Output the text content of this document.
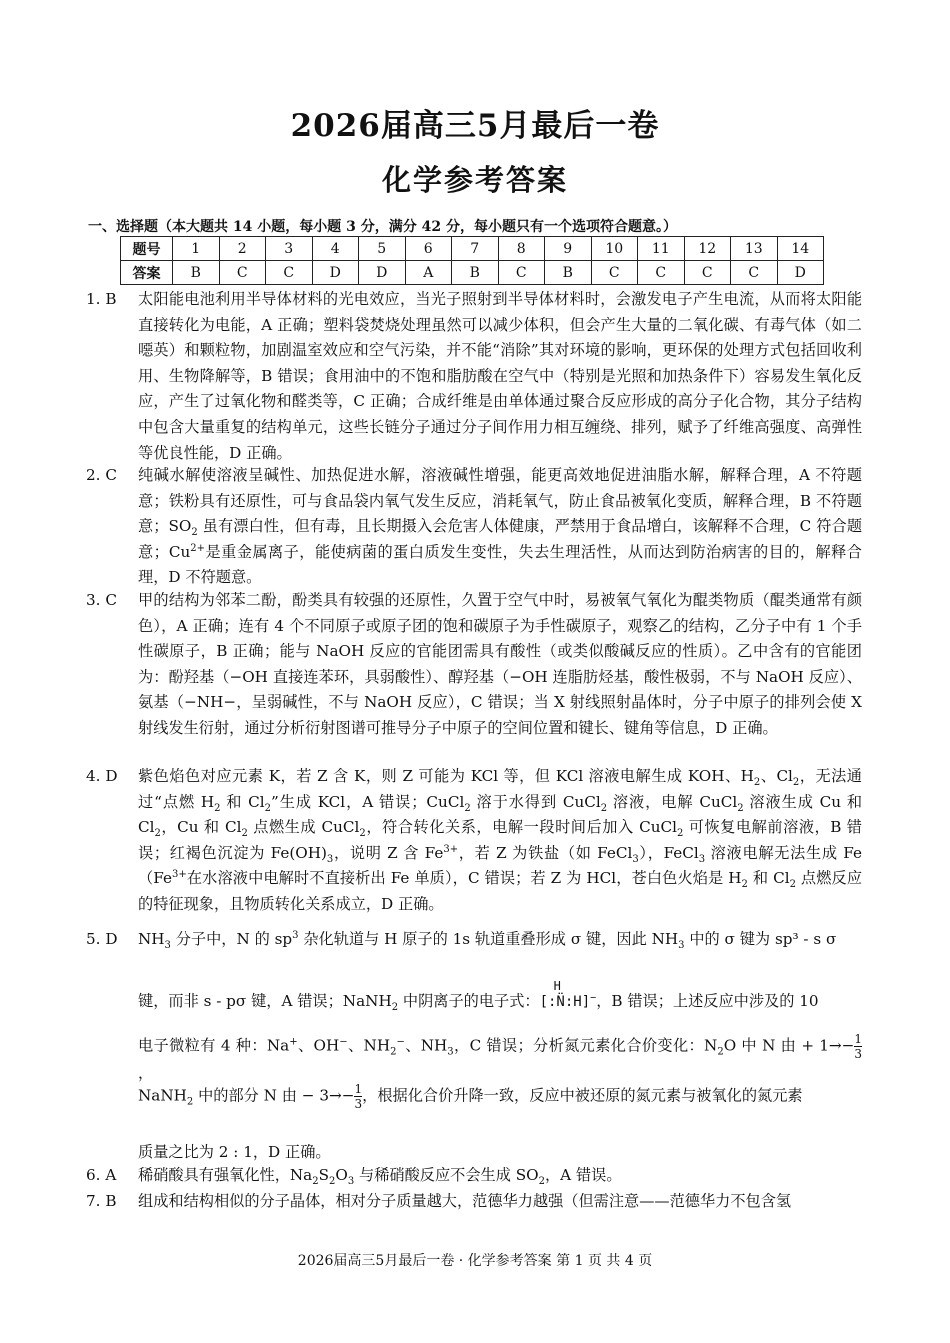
2026届高三5月最后一卷
化学参考答案
一、选择题（本大题共 14 小题，每小题 3 分，满分 42 分，每小题只有一个选项符合题意。）
题号	1	2	3	4	5	6	7	8	9	10	11	12	13	14
答案	B	C	C	D	D	A	B	C	B	C	C	C	C	D
1. B	太阳能电池利用半导体材料的光电效应，当光子照射到半导体材料时，会激发电子产生电流，从而将太阳能直接转化为电能，A 正确；塑料袋焚烧处理虽然可以减少体积，但会产生大量的二氧化碳、有毒气体（如二噁英）和颗粒物，加剧温室效应和空气污染，并不能“消除”其对环境的影响，更环保的处理方式包括回收利用、生物降解等，B 错误；食用油中的不饱和脂肪酸在空气中（特别是光照和加热条件下）容易发生氧化反应，产生了过氧化物和醛类等，C 正确；合成纤维是由单体通过聚合反应形成的高分子化合物，其分子结构中包含大量重复的结构单元，这些长链分子通过分子间作用力相互缠绕、排列，赋予了纤维高强度、高弹性等优良性能，D 正确。
2. C	纯碱水解使溶液呈碱性、加热促进水解，溶液碱性增强，能更高效地促进油脂水解，解释合理，A 不符题意；铁粉具有还原性，可与食品袋内氧气发生反应，消耗氧气，防止食品被氧化变质，解释合理，B 不符题意；$SO_2$ 虽有漂白性，但有毒，且长期摄入会危害人体健康，严禁用于食品增白，该解释不合理，C 符合题意；$Cu^{2+}$是重金属离子，能使病菌的蛋白质发生变性，失去生理活性，从而达到防治病害的目的，解释合理，D 不符题意。
3. C	甲的结构为邻苯二酚，酚类具有较强的还原性，久置于空气中时，易被氧气氧化为醌类物质（醌类通常有颜色），A 正确；连有 4 个不同原子或原子团的饱和碳原子为手性碳原子，观察乙的结构，乙分子中有 1 个手性碳原子，B 正确；能与 NaOH 反应的官能团需具有酸性（或类似酸碱反应的性质）。乙中含有的官能团为：酚羟基（−OH 直接连苯环，具弱酸性）、醇羟基（−OH 连脂肪烃基，酸性极弱，不与 NaOH 反应）、氨基（−NH−，呈弱碱性，不与 NaOH 反应），C 错误；当 X 射线照射晶体时，分子中原子的排列会使 X 射线发生衍射，通过分析衍射图谱可推导分子中原子的空间位置和键长、键角等信息，D 正确。
4. D	紫色焰色对应元素 K，若 Z 含 K，则 Z 可能为 KCl 等，但 KCl 溶液电解生成 KOH、$H_2$、$Cl_2$，无法通过“点燃 $H_2$ 和 $Cl_2$”生成 KCl，A 错误；CuCl$_2$ 溶于水得到 CuCl$_2$ 溶液，电解 CuCl$_2$ 溶液生成 Cu 和 $Cl_2$，Cu 和 $Cl_2$ 点燃生成 CuCl$_2$，符合转化关系，电解一段时间后加入 CuCl$_2$ 可恢复电解前溶液，B 错误；红褐色沉淀为 $Fe(OH)_3$，说明 Z 含 $Fe^{3+}$，若 Z 为铁盐（如 FeCl$_3$），FeCl$_3$ 溶液电解无法生成 $Fe(Fe^{3+}$在水溶液中电解时不直接析出 Fe 单质），C 错误；若 Z 为 HCl，苍白色火焰是 $H_2$ 和 $Cl_2$ 点燃反应的特征现象，且物质转化关系成立，D 正确。
5. D	$NH_3$ 分子中，N 的 $sp^3$ 杂化轨道与 H 原子的 1s 轨道重叠形成 σ 键，因此 $NH_3$ 中的 σ 键为 sp³ - s σ
键，而非 s - pσ 键，A 错误；NaNH$_2$ 中阴离子的电子式：
H
[:N̈:H]−，B 错误；上述反应中涉及的 10
电子微粒有 4 种：Na+、OH−、$NH_2^-$、$NH_3$，C 错误；分析氮元素化合价变化：$N_2O$ 中 N 由 + $1\to- \frac{1}{3}$
，
NaNH$_2$ 中的部分 N 由 − $3\to- \frac{1}{3}$ ，根据化合价升降一致，反应中被还原的氮元素与被氧化的氮元素
质量之比为 2 : 1，D 正确。
6. A	稀硝酸具有强氧化性，$Na_2S_2O_3$ 与稀硝酸反应不会生成 $SO_2$，A 错误。
7. B	组成和结构相似的分子晶体，相对分子质量越大，范德华力越强（但需注意——范德华力不包含氢
2026届高三5月最后一卷 · 化学参考答案 第 1 页 共 4 页
